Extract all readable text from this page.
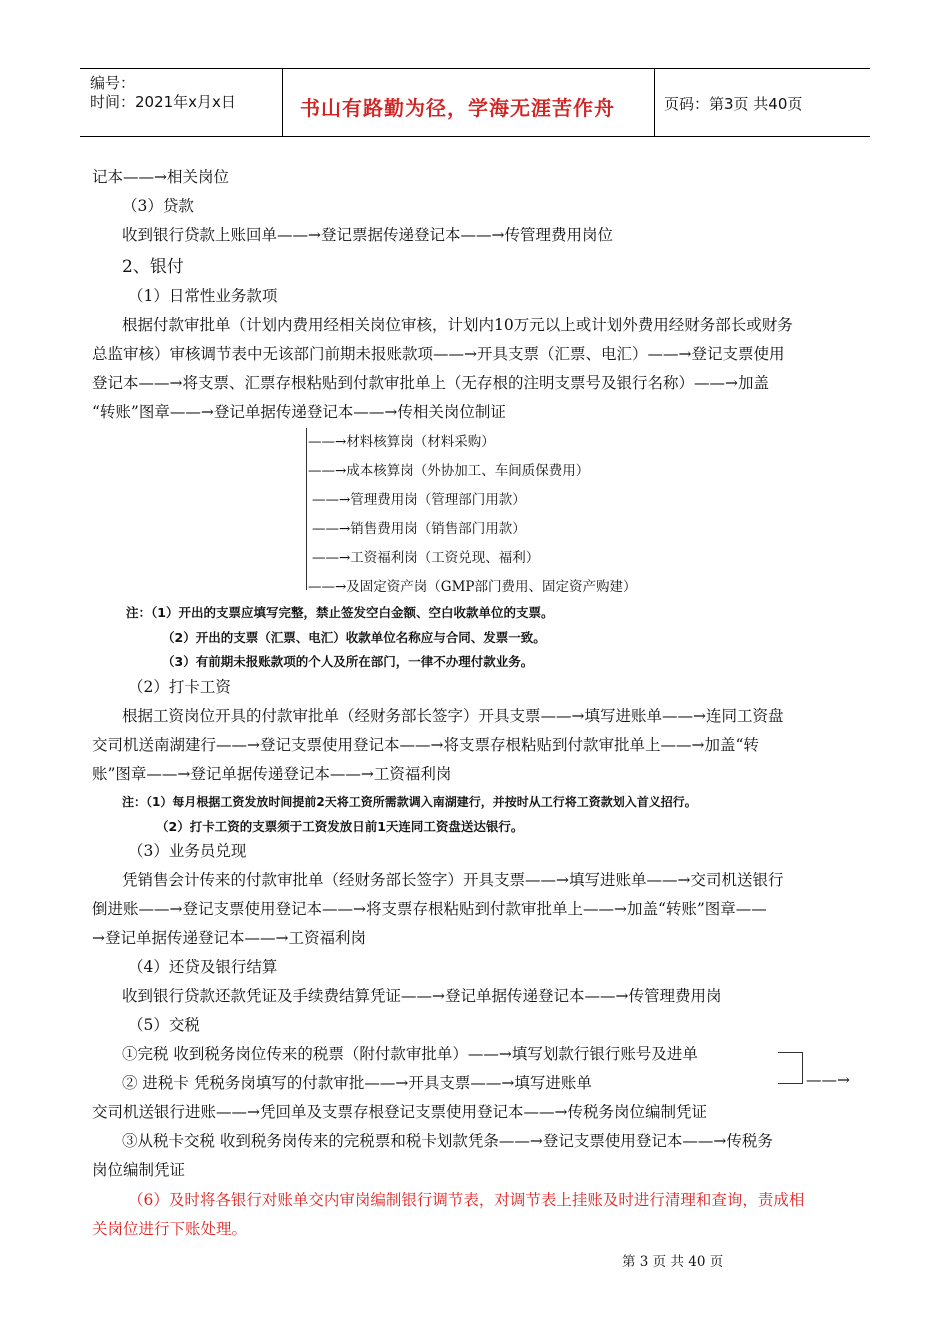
编号：
时间：2021年x月x日	书山有路勤为径，学海无涯苦作舟	页码：第3页 共40页
记本——→相关岗位
（3）贷款
收到银行贷款上账回单——→登记票据传递登记本——→传管理费用岗位
2、银付
（1）日常性业务款项
根据付款审批单（计划内费用经相关岗位审核，计划内10万元以上或计划外费用经财务部长或财务
总监审核）审核调节表中无该部门前期未报账款项——→开具支票（汇票、电汇）——→登记支票使用
登记本——→将支票、汇票存根粘贴到付款审批单上（无存根的注明支票号及银行名称）——→加盖
“转账”图章——→登记单据传递登记本——→传相关岗位制证
——→材料核算岗（材料采购）
——→成本核算岗（外协加工、车间质保费用）
——→管理费用岗（管理部门用款）
——→销售费用岗（销售部门用款）
——→工资福利岗（工资兑现、福利）
——→及固定资产岗（GMP部门费用、固定资产购建）
注：（1）开出的支票应填写完整，禁止签发空白金额、空白收款单位的支票。
（2）开出的支票（汇票、电汇）收款单位名称应与合同、发票一致。
（3）有前期未报账款项的个人及所在部门，一律不办理付款业务。
（2）打卡工资
根据工资岗位开具的付款审批单（经财务部长签字）开具支票——→填写进账单——→连同工资盘
交司机送南湖建行——→登记支票使用登记本——→将支票存根粘贴到付款审批单上——→加盖“转
账”图章——→登记单据传递登记本——→工资福利岗
注：（1）每月根据工资发放时间提前2天将工资所需款调入南湖建行，并按时从工行将工资款划入首义招行。
（2）打卡工资的支票须于工资发放日前1天连同工资盘送达银行。
（3）业务员兑现
凭销售会计传来的付款审批单（经财务部长签字）开具支票——→填写进账单——→交司机送银行
倒进账——→登记支票使用登记本——→将支票存根粘贴到付款审批单上——→加盖“转账”图章——
→登记单据传递登记本——→工资福利岗
（4）还贷及银行结算
收到银行贷款还款凭证及手续费结算凭证——→登记单据传递登记本——→传管理费用岗
（5）交税
①完税 收到税务岗位传来的税票（附付款审批单）——→填写划款行银行账号及进单
② 进税卡 凭税务岗填写的付款审批——→开具支票——→填写进账单	——→
交司机送银行进账——→凭回单及支票存根登记支票使用登记本——→传税务岗位编制凭证
③从税卡交税 收到税务岗传来的完税票和税卡划款凭条——→登记支票使用登记本——→传税务
岗位编制凭证
（6）及时将各银行对账单交内审岗编制银行调节表，对调节表上挂账及时进行清理和查询，责成相
关岗位进行下账处理。
第 3 页 共 40 页
